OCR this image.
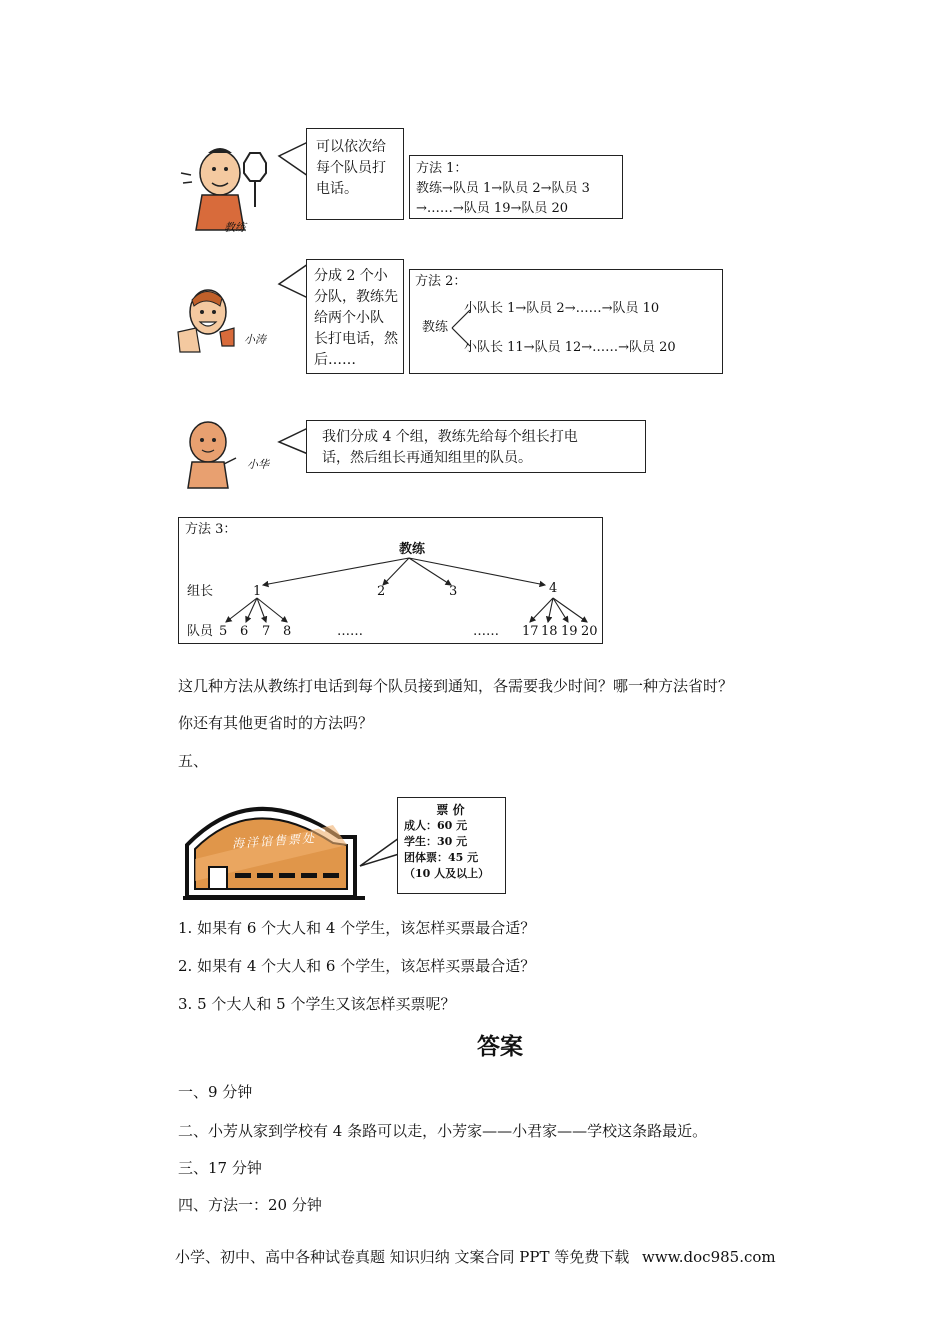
教练
可以依次给
每个队员打
电话。
方法 1：
教练→队员 1→队员 2→队员 3
→……→队员 19→队员 20
小涛
分成 2 个小
分队，教练先
给两个小队
长打电话，然
后……
方法 2：
教练
小队长 1→队员 2→……→队员 10
小队长 11→队员 12→……→队员 20
小华
我们分成 4 个组，教练先给每个组长打电
话，然后组长再通知组里的队员。
方法 3：
教练
组长
队员
1	2	3	4
5 6 7 8	……	…… 17 18 19 20
这几种方法从教练打电话到每个队员接到通知，各需要我少时间？哪一种方法省时？
你还有其他更省时的方法吗？
五、
海洋馆售票处
票 价
成人：60 元
学生：30 元
团体票：45 元
（10 人及以上）
1. 如果有 6 个大人和 4 个学生，该怎样买票最合适？
2. 如果有 4 个大人和 6 个学生，该怎样买票最合适？
3. 5 个大人和 5 个学生又该怎样买票呢？
答案
一、9 分钟
二、小芳从家到学校有 4 条路可以走，小芳家——小君家——学校这条路最近。
三、17 分钟
四、方法一：20 分钟
小学、初中、高中各种试卷真题 知识归纳 文案合同 PPT 等免费下载 www.doc985.com
